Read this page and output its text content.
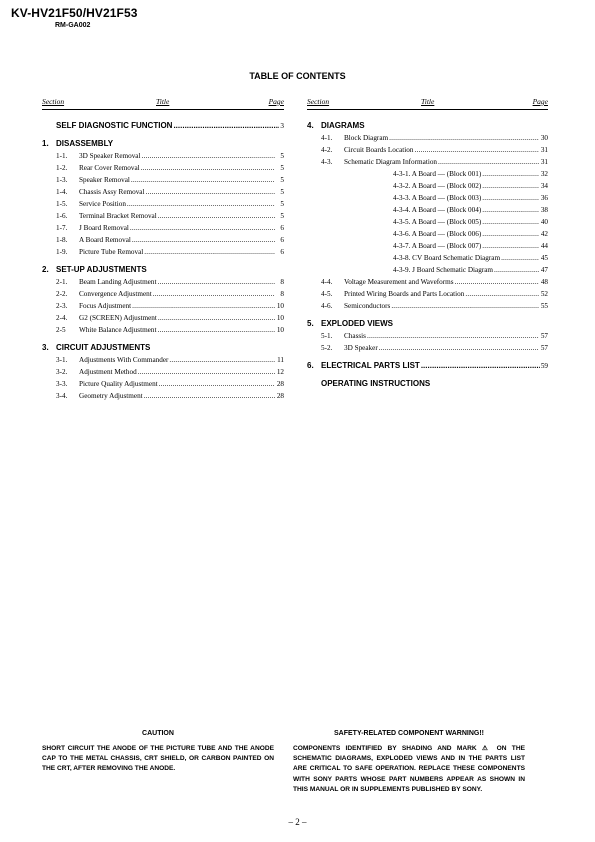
KV-HV21F50/HV21F53
RM-GA002
TABLE OF CONTENTS
Section	Title	Page	Section	Title	Page
SELF DIAGNOSTIC FUNCTION .....	3
1. DISASSEMBLY
1-1.	3D Speaker Removal .....	5
1-2.	Rear Cover Removal .....	5
1-3.	Speaker Removal .....	5
1-4.	Chassis Assy Removal .....	5
1-5.	Service Position .....	5
1-6.	Terminal Bracket Removal .....	5
1-7.	J Board Removal .....	6
1-8.	A Board Removal .....	6
1-9.	Picture Tube Removal .....	6
2. SET-UP ADJUSTMENTS
2-1.	Beam Landing Adjustment .....	8
2-2.	Convergence Adjustment .....	8
2-3.	Focus Adjustment .....	10
2-4.	G2 (SCREEN) Adjustment .....	10
2-5	White Balance Adjustment .....	10
3. CIRCUIT ADJUSTMENTS
3-1.	Adjustments With Commander .....	11
3-2.	Adjustment Method .....	12
3-3.	Picture Quality Adjustment .....	28
3-4.	Geometry Adjustment .....	28
4. DIAGRAMS
4-1.	Block Diagram .....	30
4-2.	Circuit Boards Location .....	31
4-3.	Schematic Diagram Information .....	31
4-3-1. A Board — (Block 001) .....	32
4-3-2. A Board — (Block 002) .....	34
4-3-3. A Board — (Block 003) .....	36
4-3-4. A Board — (Block 004) .....	38
4-3-5. A Board — (Block 005) .....	40
4-3-6. A Board — (Block 006) .....	42
4-3-7. A Board — (Block 007) .....	44
4-3-8. CV Board Schematic Diagram .....	45
4-3-9. J Board Schematic Diagram .....	47
4-4.	Voltage Measurement and Waveforms .....	48
4-5.	Printed Wiring Boards and Parts Location .....	52
4-6.	Semiconductors .....	55
5. EXPLODED VIEWS
5-1.	Chassis .....	57
5-2.	3D Speaker .....	57
6. ELECTRICAL PARTS LIST .....	59
OPERATING INSTRUCTIONS
CAUTION
SHORT CIRCUIT THE ANODE OF THE PICTURE TUBE AND THE ANODE CAP TO THE METAL CHASSIS, CRT SHIELD, OR CARBON PAINTED ON THE CRT, AFTER REMOVING THE ANODE.
SAFETY-RELATED COMPONENT WARNING!!
COMPONENTS IDENTIFIED BY SHADING AND MARK ⚠ ON THE SCHEMATIC DIAGRAMS, EXPLODED VIEWS AND IN THE PARTS LIST ARE CRITICAL TO SAFE OPERATION. REPLACE THESE COMPONENTS WITH SONY PARTS WHOSE PART NUMBERS APPEAR AS SHOWN IN THIS MANUAL OR IN SUPPLEMENTS PUBLISHED BY SONY.
– 2 –
